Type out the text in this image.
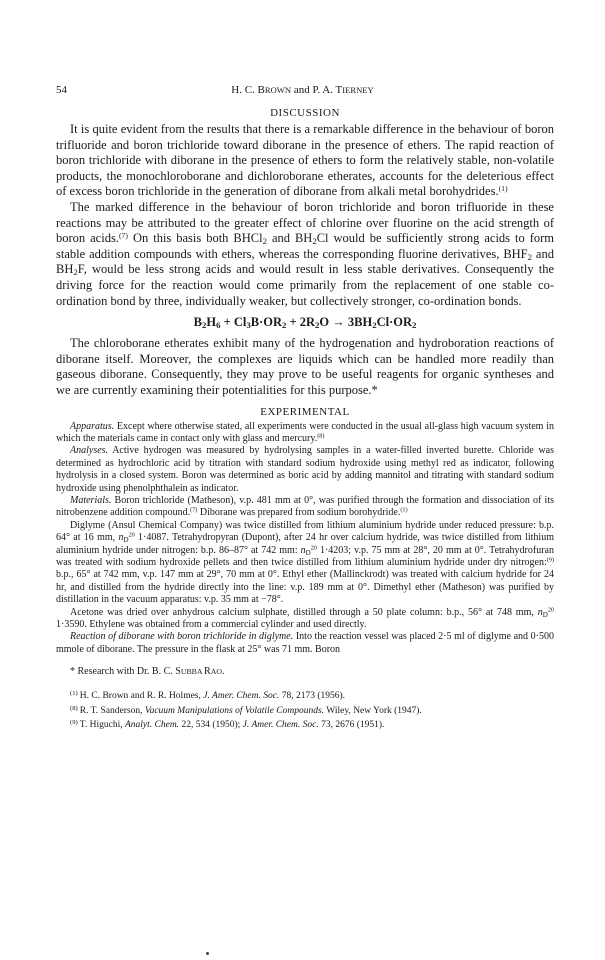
54	H. C. BROWN and P. A. TIERNEY
DISCUSSION

It is quite evident from the results that there is a remarkable difference in the behaviour of boron trifluoride and boron trichloride toward diborane in the presence of ethers. The rapid reaction of boron trichloride with diborane in the presence of ethers to form the relatively stable, non-volatile products, the monochloroborane and dichloroborane etherates, accounts for the deleterious effect of excess boron trichloride in the generation of diborane from alkali metal borohydrides.$^{(1)}$

The marked difference in the behaviour of boron trichloride and boron trifluoride in these reactions may be attributed to the greater effect of chlorine over fluorine on the acid strength of boron acids.$^{(7)}$ On this basis both BHCl$_2$ and $BH_2Cl$ would be sufficiently strong acids to form stable addition compounds with ethers, whereas the corresponding fluorine derivatives, $BHF_2$ and $BH_2F$, would be less strong acids and would result in less stable derivatives. Consequently the driving force for the reaction would come primarily from the replacement of one stable co-ordination bond by three, individually weaker, but collectively stronger, co-ordination bonds.

$B_2H_6 + Cl_3B\cdot OR_2 + 2R_2O \to 3BH_2Cl\cdot OR_2$

The chloroborane etherates exhibit many of the hydrogenation and hydroboration reactions of diborane itself. Moreover, the complexes are liquids which can be handled more readily than gaseous diborane. Consequently, they may prove to be useful reagents for organic syntheses and we are currently examining their potentialities for this purpose.*

EXPERIMENTAL

Apparatus. Except where otherwise stated, all experiments were conducted in the usual all-glass high vacuum system in which the materials came in contact only with glass and mercury.$^{(8)}$

Analyses. Active hydrogen was measured by hydrolysing samples in a water-filled inverted burette. Chloride was determined as hydrochloric acid by titration with standard sodium hydroxide using methyl red as indicator, following hydrolysis in a closed system. Boron was determined as boric acid by adding mannitol and titrating with standard sodium hydroxide using phenolphthalein as indicator.

Materials. Boron trichloride (Matheson), v.p. 481 mm at 0°, was purified through the formation and dissociation of its nitrobenzene addition compound.$^{(7)}$ Diborane was prepared from sodium borohydride.$^{(1)}$

Diglyme (Ansul Chemical Company) was twice distilled from lithium aluminium hydride under reduced pressure: b.p. 64° at 16 mm, $n_D^{20}$ 1·4087. Tetrahydropyran (Dupont), after 24 hr over calcium hydride, was twice distilled from lithium aluminium hydride under nitrogen: b.p. 86–87° at 742 mm: $n_D^{20}$ 1·4203; v.p. 75 mm at 28°, 20 mm at 0°. Tetrahydrofuran was treated with sodium hydroxide pellets and then twice distilled from lithium aluminium hydride under dry nitrogen:$^{(9)}$ b.p., 65° at 742 mm, v.p. 147 mm at 29°, 70 mm at 0°. Ethyl ether (Mallinckrodt) was treated with calcium hydride for 24 hr, and distilled from the hydride directly into the line: v.p. 189 mm at 0°. Dimethyl ether (Matheson) was purified by distillation in the vacuum apparatus: v.p. 35 mm at −78°.

Acetone was dried over anhydrous calcium sulphate, distilled through a 50 plate column: b.p., 56° at 748 mm, $n_D^{20}$ 1·3590. Ethylene was obtained from a commercial cylinder and used directly.

Reaction of diborane with boron trichloride in diglyme. Into the reaction vessel was placed 2·5 ml of diglyme and 0·500 mmole of diborane. The pressure in the flask at 25° was 71 mm. Boron

* Research with Dr. B. C. SUBBA RAO.
$^{(1)}$ H. C. Brown and R. R. Holmes, J. Amer. Chem. Soc. 78, 2173 (1956).
$^{(8)}$ R. T. Sanderson, Vacuum Manipulations of Volatile Compounds. Wiley, New York (1947).
$^{(9)}$ T. Higuchi, Analyt. Chem. 22, 534 (1950); J. Amer. Chem. Soc. 73, 2676 (1951).
